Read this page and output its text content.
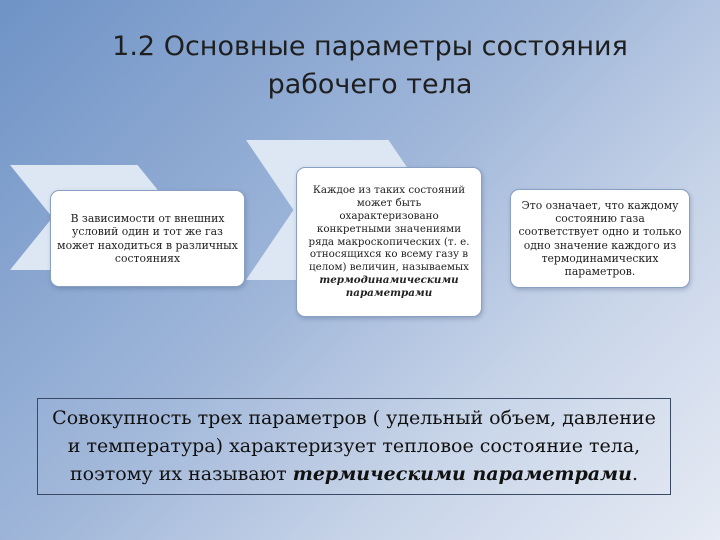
1.2 Основные параметры состояния
рабочего тела
В зависимости от внешних условий один и тот же газ может находиться в различных состояниях
Каждое из таких состояний может быть охарактеризовано конкретными значениями ряда макроскопических (т. е. относящихся ко всему газу в целом) величин, называемых термодинамическими параметрами
Это означает, что каждому состоянию газа соответствует одно и только одно значение каждого из термодинамических параметров.
Совокупность трех параметров ( удельный объем, давление и температура) характеризует тепловое состояние тела, поэтому их называют термическими параметрами.
